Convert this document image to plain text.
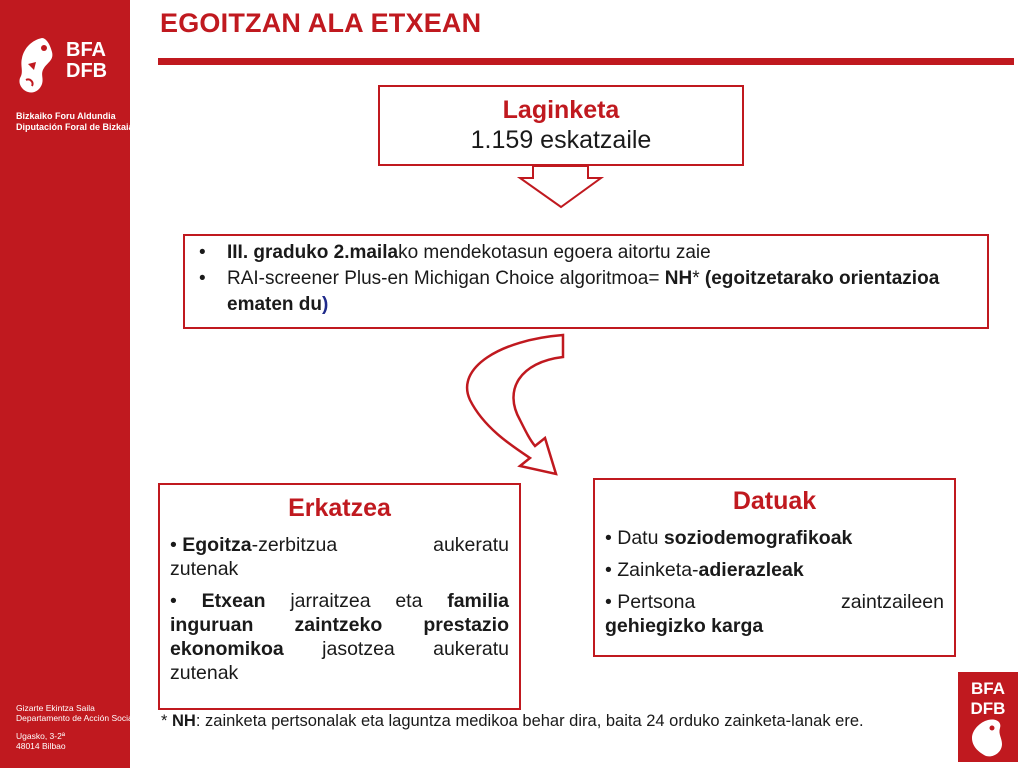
BFA
DFB
Bizkaiko Foru Aldundia
Diputación Foral de Bizkaia
Gizarte Ekintza Saila
Departamento de Acción Social
Ugasko, 3-2ª
48014 Bilbao
EGOITZAN ALA ETXEAN
Laginketa
1.159 eskatzaile
•	III. graduko 2.mailako mendekotasun egoera aitortu zaie
•	RAI-screener Plus-en Michigan Choice algoritmoa= NH* (egoitzetarako orientazioa ematen du)
Erkatzea
• Egoitza-zerbitzua	aukeratu
zutenak
• Etxean jarraitzea eta familia inguruan zaintzeko prestazio ekonomikoa jasotzea aukeratu zutenak
Datuak
• Datu soziodemografikoak
• Zainketa-adierazleak
• Pertsona	zaintzaileen
gehiegizko karga
* NH: zainketa pertsonalak eta laguntza medikoa behar dira, baita 24 orduko zainketa-lanak ere.
BFA
DFB
